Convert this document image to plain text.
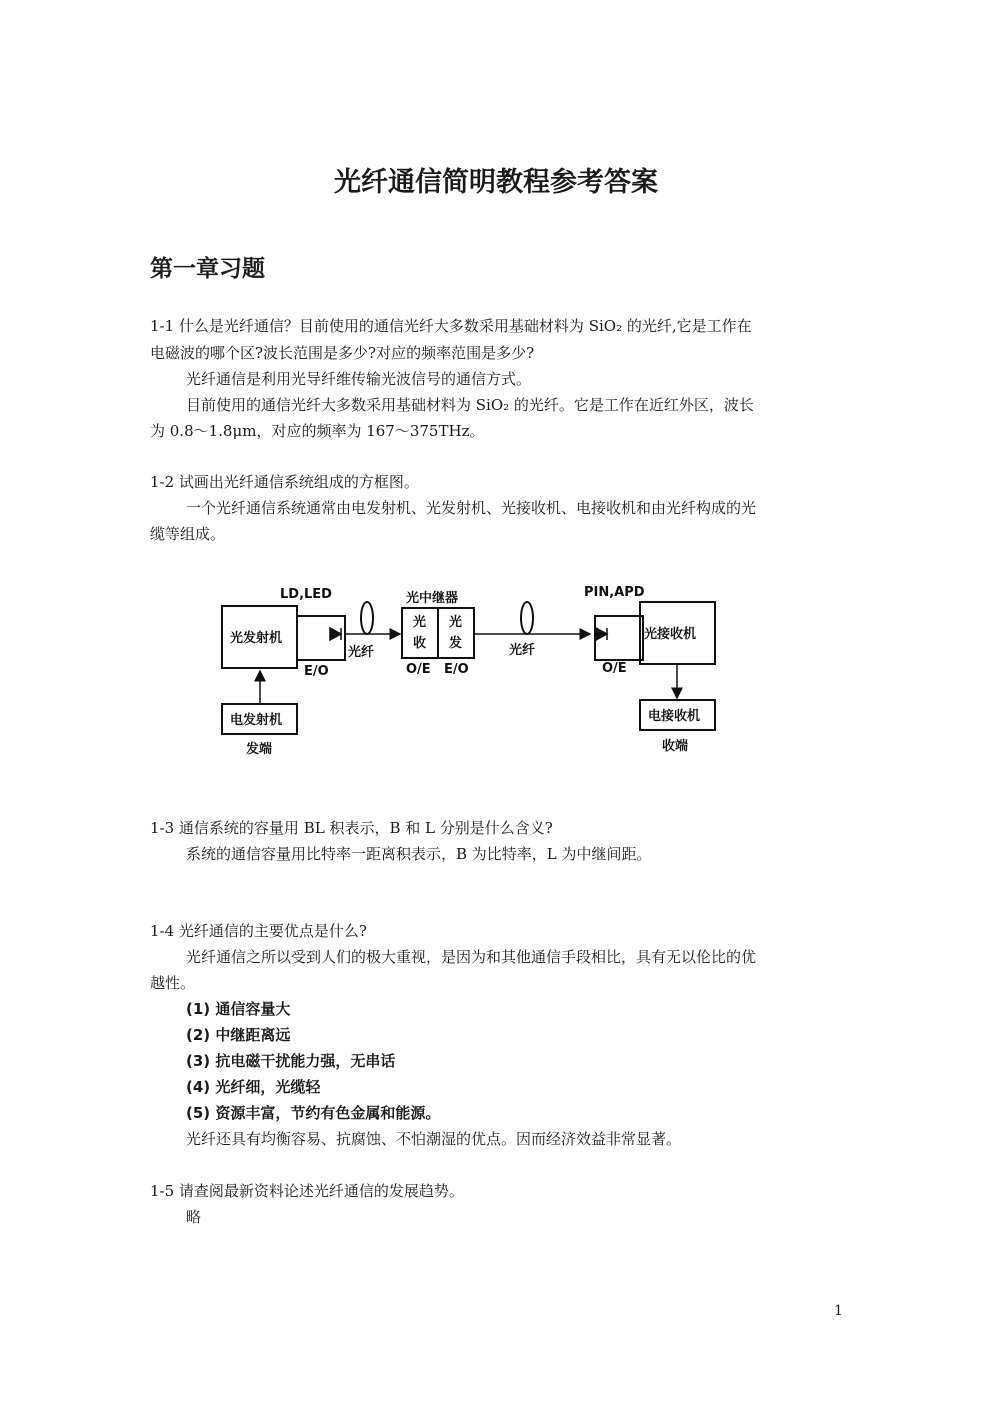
光纤通信简明教程参考答案
第一章习题
1-1 什么是光纤通信？目前使用的通信光纤大多数采用基础材料为 SiO₂ 的光纤,它是工作在
电磁波的哪个区?波长范围是多少?对应的频率范围是多少?
光纤通信是利用光导纤维传输光波信号的通信方式。
目前使用的通信光纤大多数采用基础材料为 SiO₂ 的光纤。它是工作在近红外区，波长
为 0.8～1.8μm，对应的频率为 167～375THz。
1-2 试画出光纤通信系统组成的方框图。
一个光纤通信系统通常由电发射机、光发射机、光接收机、电接收机和由光纤构成的光
缆等组成。
LD,LED
光发射机
E/O
光纤
光中继器
光
收
光
发
O/E E/O
光纤
PIN,APD
光接收机
O/E
电发射机
发端
电接收机
收端
1-3 通信系统的容量用 BL 积表示，B 和 L 分别是什么含义?
系统的通信容量用比特率一距离积表示，B 为比特率，L 为中继间距。
1-4 光纤通信的主要优点是什么?
光纤通信之所以受到人们的极大重视，是因为和其他通信手段相比，具有无以伦比的优
越性。
(1) 通信容量大
(2) 中继距离远
(3) 抗电磁干扰能力强，无串话
(4) 光纤细，光缆轻
(5) 资源丰富，节约有色金属和能源。
光纤还具有均衡容易、抗腐蚀、不怕潮湿的优点。因而经济效益非常显著。
1-5 请查阅最新资料论述光纤通信的发展趋势。
略
1
